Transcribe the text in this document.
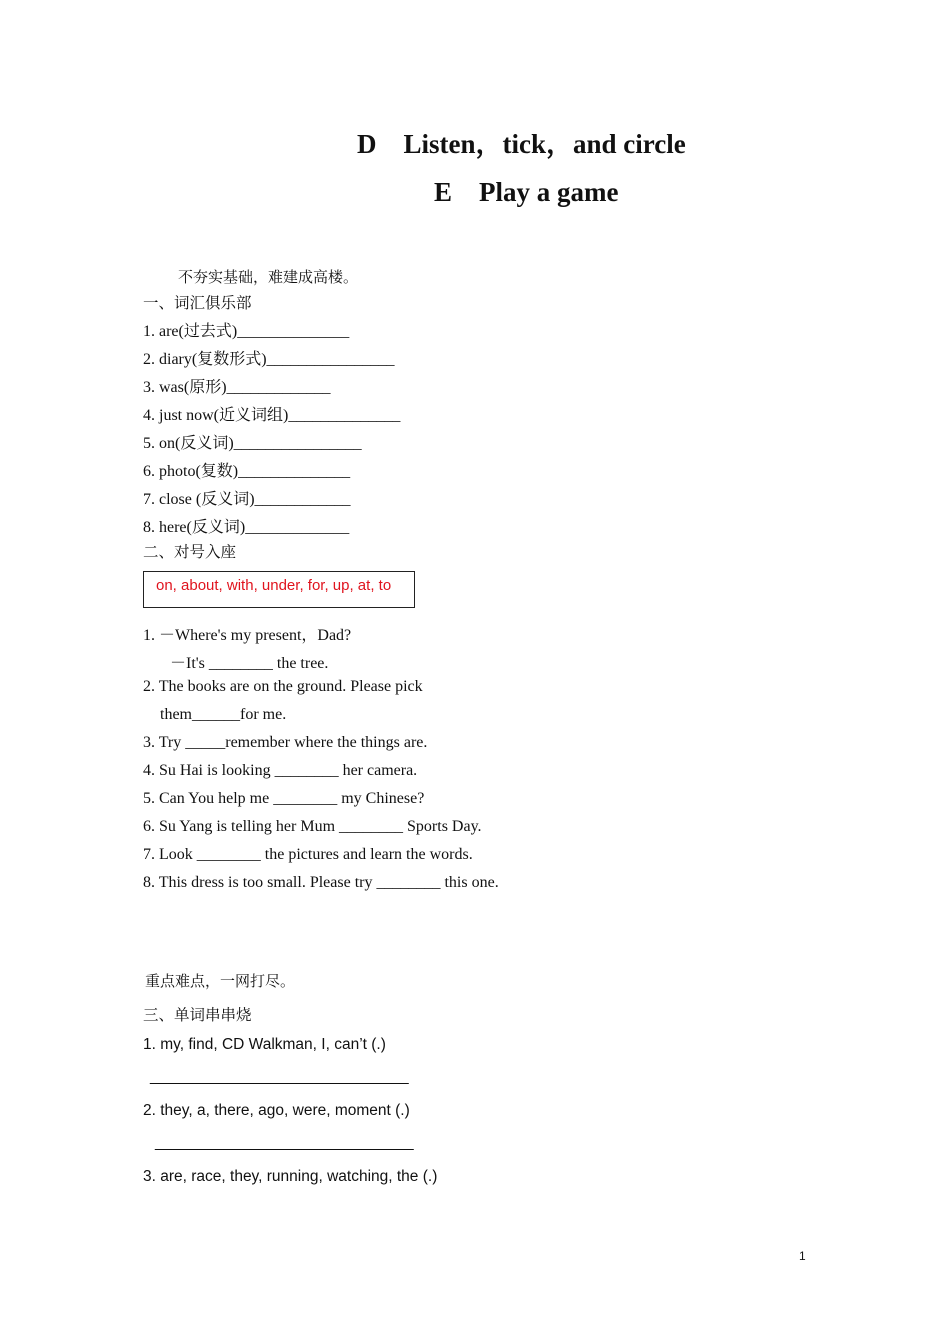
D　Listen，tick，and circle
E　Play a game
不夯实基础，难建成高楼。
一、词汇俱乐部
1. are(过去式)______________
2. diary(复数形式)________________
3. was(原形)_____________
4. just now(近义词组)______________
5. on(反义词)________________
6. photo(复数)______________
7. close (反义词)____________
8. here(反义词)_____________
二、对号入座
on, about, with, under, for, up, at, to
1. －Where's my present，Dad?
－It's ________ the tree.
2. The books are on the ground. Please pick
them______for me.
3. Try _____remember where the things are.
4. Su Hai is looking ________ her camera.
5. Can You help me ________ my Chinese?
6. Su Yang is telling her Mum ________ Sports Day.
7. Look ________ the pictures and learn the words.
8. This dress is too small. Please try ________ this one.
重点难点，一网打尽。
三、单词串串烧
1. my, find, CD Walkman, I, can’t (.)
______________________________
2. they, a, there, ago, were, moment (.)
______________________________
3. are, race, they, running, watching, the (.)
1
